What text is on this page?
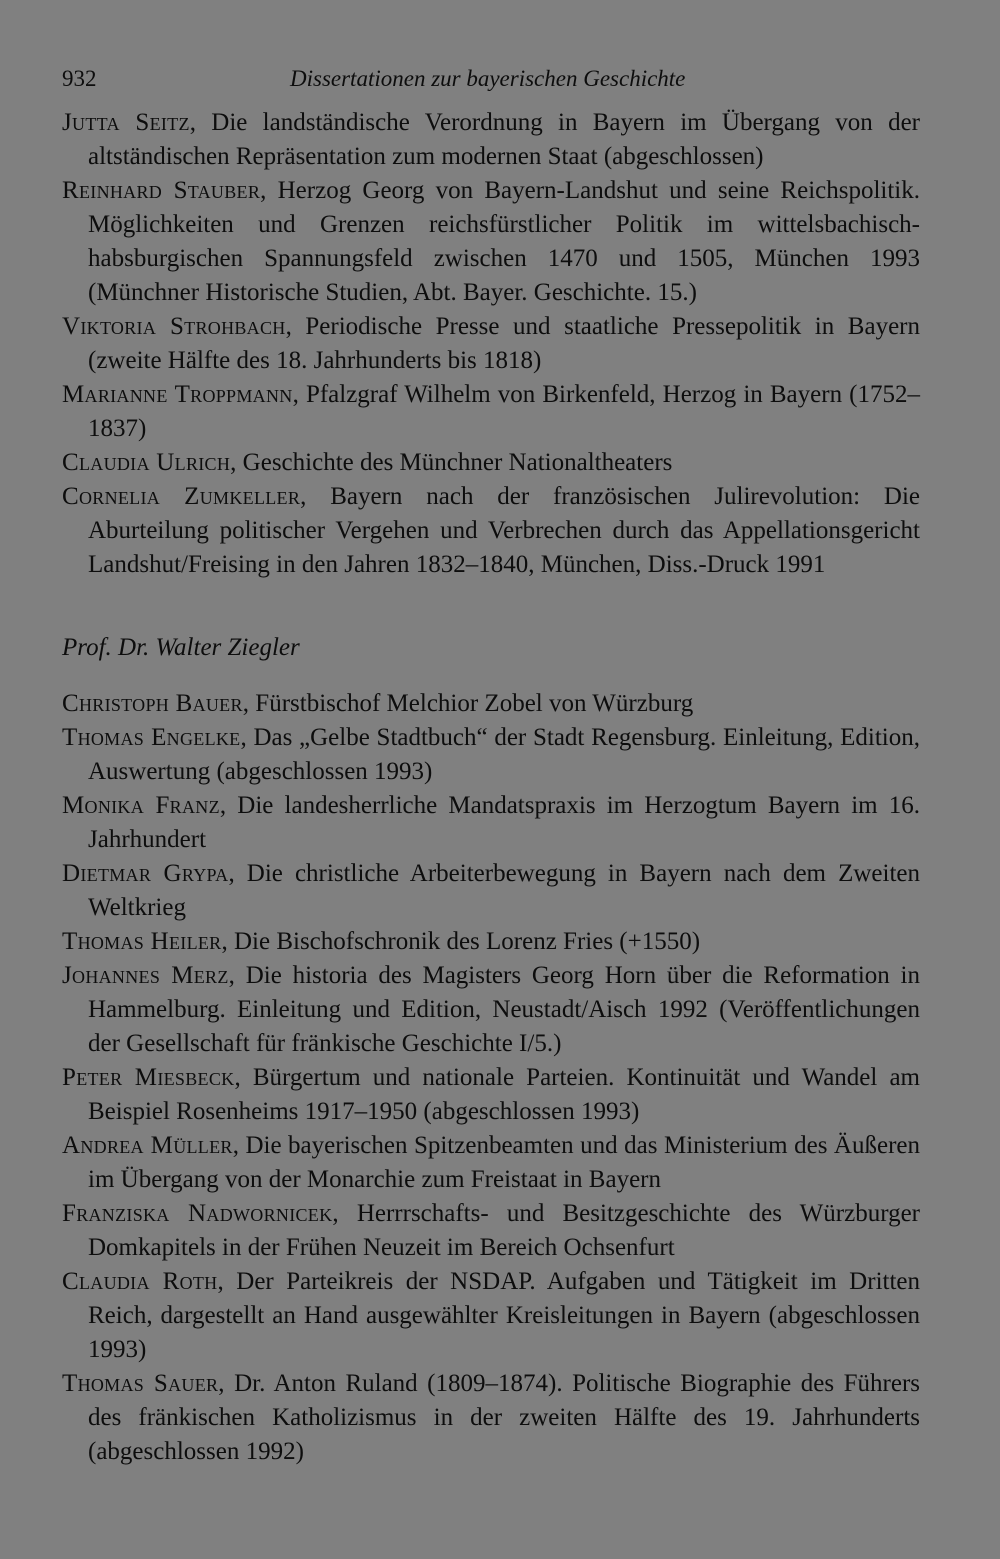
932	Dissertationen zur bayerischen Geschichte
Jutta Seitz, Die landständische Verordnung in Bayern im Übergang von der altständischen Repräsentation zum modernen Staat (abgeschlossen)
Reinhard Stauber, Herzog Georg von Bayern-Landshut und seine Reichspolitik. Möglichkeiten und Grenzen reichsfürstlicher Politik im wittelsbachisch-habsburgischen Spannungsfeld zwischen 1470 und 1505, München 1993 (Münchner Historische Studien, Abt. Bayer. Geschichte. 15.)
Viktoria Strohbach, Periodische Presse und staatliche Pressepolitik in Bayern (zweite Hälfte des 18. Jahrhunderts bis 1818)
Marianne Troppmann, Pfalzgraf Wilhelm von Birkenfeld, Herzog in Bayern (1752–1837)
Claudia Ulrich, Geschichte des Münchner Nationaltheaters
Cornelia Zumkeller, Bayern nach der französischen Julirevolution: Die Aburteilung politischer Vergehen und Verbrechen durch das Appellationsgericht Landshut/Freising in den Jahren 1832–1840, München, Diss.-Druck 1991
Prof. Dr. Walter Ziegler
Christoph Bauer, Fürstbischof Melchior Zobel von Würzburg
Thomas Engelke, Das „Gelbe Stadtbuch“ der Stadt Regensburg. Einleitung, Edition, Auswertung (abgeschlossen 1993)
Monika Franz, Die landesherrliche Mandatspraxis im Herzogtum Bayern im 16. Jahrhundert
Dietmar Grypa, Die christliche Arbeiterbewegung in Bayern nach dem Zweiten Weltkrieg
Thomas Heiler, Die Bischofschronik des Lorenz Fries (+1550)
Johannes Merz, Die historia des Magisters Georg Horn über die Reformation in Hammelburg. Einleitung und Edition, Neustadt/Aisch 1992 (Veröffentlichungen der Gesellschaft für fränkische Geschichte I/5.)
Peter Miesbeck, Bürgertum und nationale Parteien. Kontinuität und Wandel am Beispiel Rosenheims 1917–1950 (abgeschlossen 1993)
Andrea Müller, Die bayerischen Spitzenbeamten und das Ministerium des Äußeren im Übergang von der Monarchie zum Freistaat in Bayern
Franziska Nadwornicek, Herrrschafts- und Besitzgeschichte des Würzburger Domkapitels in der Frühen Neuzeit im Bereich Ochsenfurt
Claudia Roth, Der Parteikreis der NSDAP. Aufgaben und Tätigkeit im Dritten Reich, dargestellt an Hand ausgewählter Kreisleitungen in Bayern (abgeschlossen 1993)
Thomas Sauer, Dr. Anton Ruland (1809–1874). Politische Biographie des Führers des fränkischen Katholizismus in der zweiten Hälfte des 19. Jahrhunderts (abgeschlossen 1992)
